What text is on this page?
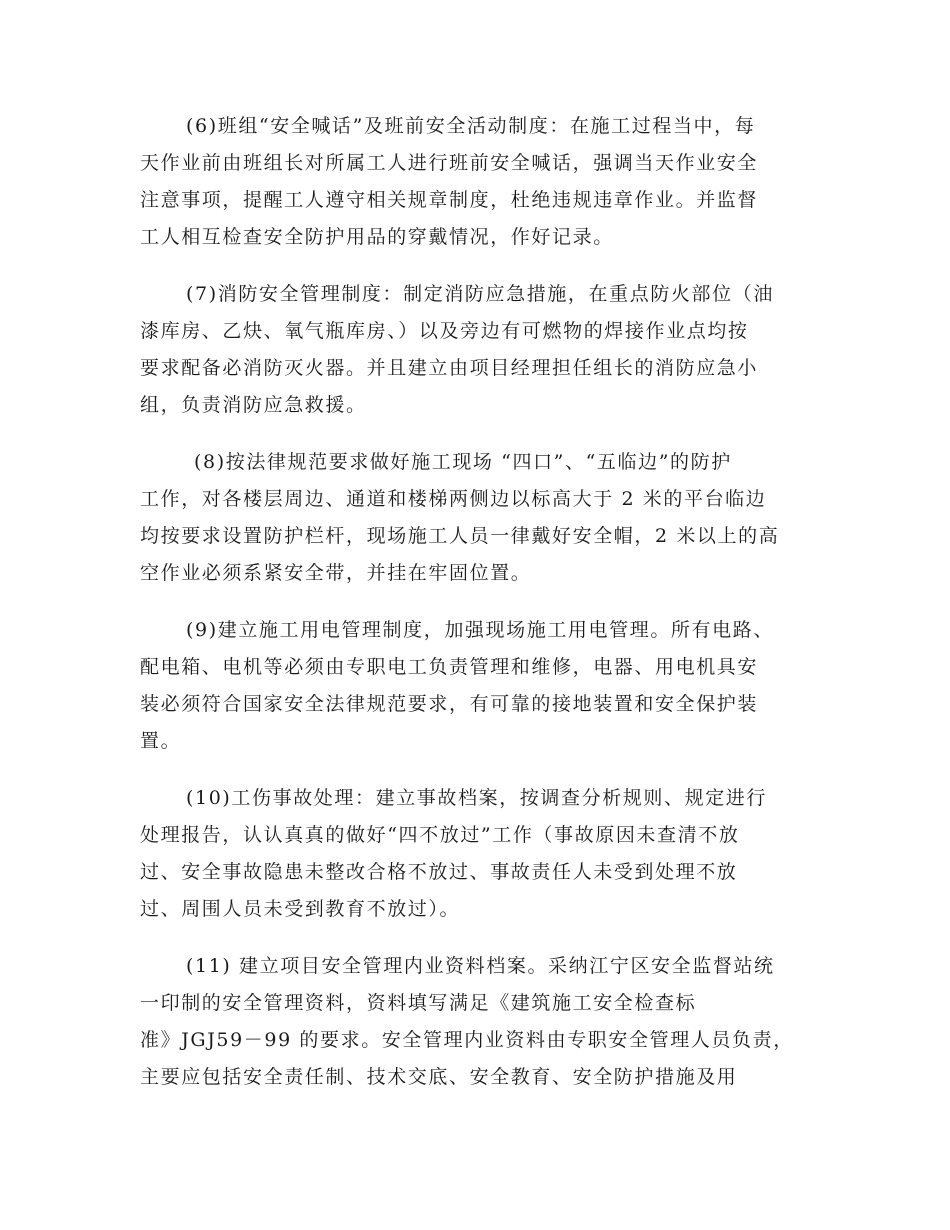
(6)班组“安全喊话”及班前安全活动制度：在施工过程当中，每
天作业前由班组长对所属工人进行班前安全喊话，强调当天作业安全
注意事项，提醒工人遵守相关规章制度，杜绝违规违章作业。并监督
工人相互检查安全防护用品的穿戴情况，作好记录。

(7)消防安全管理制度：制定消防应急措施，在重点防火部位（油
漆库房、乙炔、氧气瓶库房、）以及旁边有可燃物的焊接作业点均按
要求配备必消防灭火器。并且建立由项目经理担任组长的消防应急小
组，负责消防应急救援。

(8)按法律规范要求做好施工现场 “四口”、“五临边”的防护
工作，对各楼层周边、通道和楼梯两侧边以标高大于 2 米的平台临边
均按要求设置防护栏杆，现场施工人员一律戴好安全帽，2 米以上的高
空作业必须系紧安全带，并挂在牢固位置。

(9)建立施工用电管理制度，加强现场施工用电管理。所有电路、
配电箱、电机等必须由专职电工负责管理和维修，电器、用电机具安
装必须符合国家安全法律规范要求，有可靠的接地装置和安全保护装
置。

(10)工伤事故处理：建立事故档案，按调查分析规则、规定进行
处理报告，认认真真的做好“四不放过”工作（事故原因未查清不放
过、安全事故隐患未整改合格不放过、事故责任人未受到处理不放
过、周围人员未受到教育不放过）。

(11) 建立项目安全管理内业资料档案。采纳江宁区安全监督站统
一印制的安全管理资料，资料填写满足《建筑施工安全检查标
准》JGJ59－99 的要求。安全管理内业资料由专职安全管理人员负责，
主要应包括安全责任制、技术交底、安全教育、安全防护措施及用
